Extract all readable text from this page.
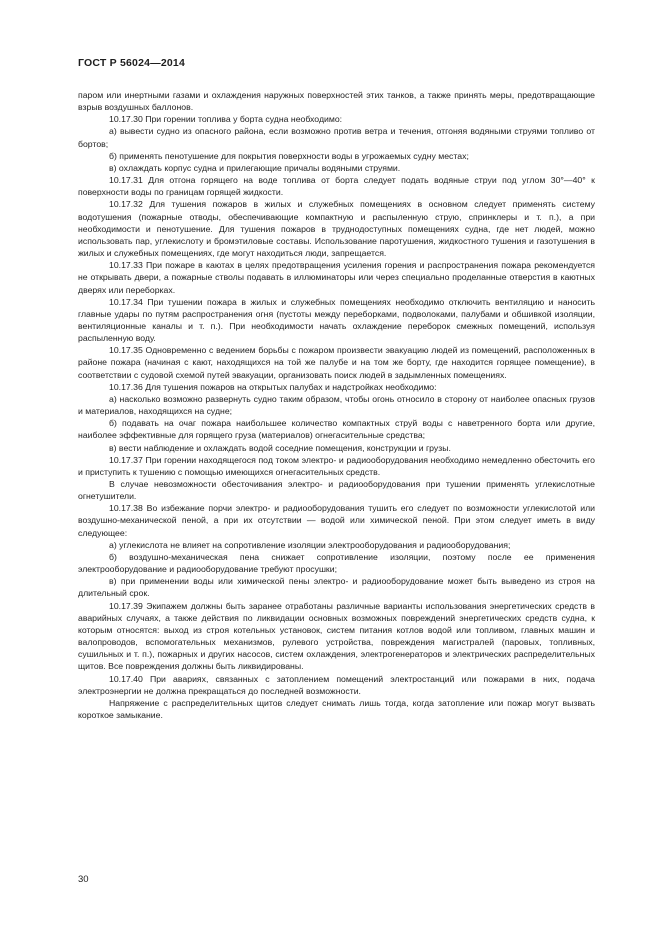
ГОСТ Р 56024—2014

паром или инертными газами и охлаждения наружных поверхностей этих танков, а также принять меры, предотвращающие взрыв воздушных баллонов.

10.17.30 При горении топлива у борта судна необходимо:

а) вывести судно из опасного района, если возможно против ветра и течения, отгоняя водяными струями топливо от бортов;

б) применять пенотушение для покрытия поверхности воды в угрожаемых судну местах;

в) охлаждать корпус судна и прилегающие причалы водяными струями.

10.17.31 Для отгона горящего на воде топлива от борта следует подать водяные струи под углом 30°—40° к поверхности воды по границам горящей жидкости.

10.17.32 Для тушения пожаров в жилых и служебных помещениях в основном следует применять систему водотушения (пожарные отводы, обеспечивающие компактную и распыленную струю, спринклеры и т. п.), а при необходимости и пенотушение. Для тушения пожаров в труднодоступных помещениях судна, где нет людей, можно использовать пар, углекислоту и бромэтиловые составы. Использование паротушения, жидкостного тушения и газотушения в жилых и служебных помещениях, где могут находиться люди, запрещается.

10.17.33 При пожаре в каютах в целях предотвращения усиления горения и распространения пожара рекомендуется не открывать двери, а пожарные стволы подавать в иллюминаторы или через специально проделанные отверстия в каютных дверях или переборках.

10.17.34 При тушении пожара в жилых и служебных помещениях необходимо отключить вентиляцию и наносить главные удары по путям распространения огня (пустоты между переборками, подволоками, палубами и обшивкой изоляции, вентиляционные каналы и т. п.). При необходимости начать охлаждение переборок смежных помещений, используя распыленную воду.

10.17.35 Одновременно с ведением борьбы с пожаром произвести эвакуацию людей из помещений, расположенных в районе пожара (начиная с кают, находящихся на той же палубе и на том же борту, где находится горящее помещение), в соответствии с судовой схемой путей эвакуации, организовать поиск людей в задымленных помещениях.

10.17.36 Для тушения пожаров на открытых палубах и надстройках необходимо:

а) насколько возможно развернуть судно таким образом, чтобы огонь относило в сторону от наиболее опасных грузов и материалов, находящихся на судне;

б) подавать на очаг пожара наибольшее количество компактных струй воды с наветренного борта или другие, наиболее эффективные для горящего груза (материалов) огнегасительные средства;

в) вести наблюдение и охлаждать водой соседние помещения, конструкции и грузы.

10.17.37 При горении находящегося под током электро- и радиооборудования необходимо немедленно обесточить его и приступить к тушению с помощью имеющихся огнегасительных средств.

В случае невозможности обесточивания электро- и радиооборудования при тушении применять углекислотные огнетушители.

10.17.38 Во избежание порчи электро- и радиооборудования тушить его следует по возможности углекислотой или воздушно-механической пеной, а при их отсутствии — водой или химической пеной. При этом следует иметь в виду следующее:

а) углекислота не влияет на сопротивление изоляции электрооборудования и радиооборудования;

б) воздушно-механическая пена снижает сопротивление изоляции, поэтому после ее применения электрооборудование и радиооборудование требуют просушки;

в) при применении воды или химической пены электро- и радиооборудование может быть выведено из строя на длительный срок.

10.17.39 Экипажем должны быть заранее отработаны различные варианты использования энергетических средств в аварийных случаях, а также действия по ликвидации основных возможных повреждений энергетических средств судна, к которым относятся: выход из строя котельных установок, систем питания котлов водой или топливом, главных машин и валопроводов, вспомогательных механизмов, рулевого устройства, повреждения магистралей (паровых, топливных, сушильных и т. п.), пожарных и других насосов, систем охлаждения, электрогенераторов и электрических распределительных щитов. Все повреждения должны быть ликвидированы.

10.17.40 При авариях, связанных с затоплением помещений электростанций или пожарами в них, подача электроэнергии не должна прекращаться до последней возможности.

Напряжение с распределительных щитов следует снимать лишь тогда, когда затопление или пожар могут вызвать короткое замыкание.

30
